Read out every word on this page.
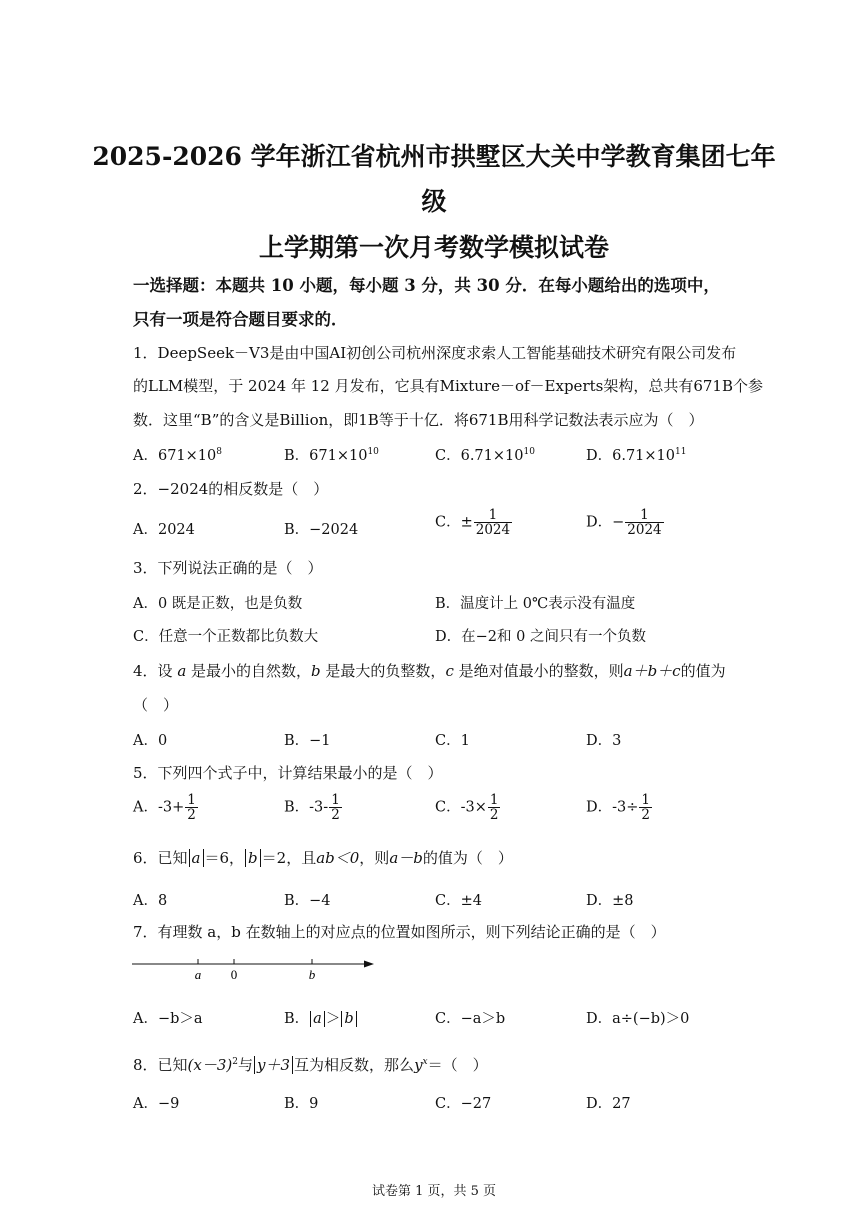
2025-2026 学年浙江省杭州市拱墅区大关中学教育集团七年
级
上学期第一次月考数学模拟试卷
一选择题：本题共 10 小题，每小题 3 分，共 30 分．在每小题给出的选项中，
只有一项是符合题目要求的．
1．DeepSeek－V3是由中国AI初创公司杭州深度求索人工智能基础技术研究有限公司发布
的LLM模型，于 2024 年 12 月发布，它具有Mixture－of－Experts架构，总共有671B个参
数．这里“B”的含义是Billion，即1B等于十亿．将671B用科学记数法表示应为（　）
A．$671\times 10^8$	B．$671\times 10^{10}$	C．$6.71\times 10^{10}$	D．$6.71\times 10^{11}$
2．−2024的相反数是（　）
A．2024	B．−2024	C．± $\frac{1}{2024}$	D．− $\frac{1}{2024}$
3．下列说法正确的是（　）
A．0 既是正数，也是负数	B．温度计上 0℃表示没有温度
C．任意一个正数都比负数大	D．在−2和 0 之间只有一个负数
4．设 a 是最小的自然数，b 是最大的负整数，c 是绝对值最小的整数，则a＋b＋c的值为
（　）
A．0	B．−1	C．1	D．3
5．下列四个式子中，计算结果最小的是（　）
A．$-3+ \frac{1}{2}$	B．$-3- \frac{1}{2}$	C．$-3\times \frac{1}{2}$	D．$-3\div \frac{1}{2}$
6．已知 a ＝6， b ＝2，且ab＜0，则a－b的值为（　）
A．8	B．−4	C．±4	D．±8
7．有理数 a，b 在数轴上的对应点的位置如图所示，则下列结论正确的是（　）
a 0	b
A．−b＞a	B． a ＞ b	C．−a＞b	D．a÷(−b)＞0
8．已知$(x-3)^2$与 y＋3 互为相反数，那么$y^x=$（　）
A．−9	B．9	C．−27	D．27
试卷第 1 页，共 5 页
